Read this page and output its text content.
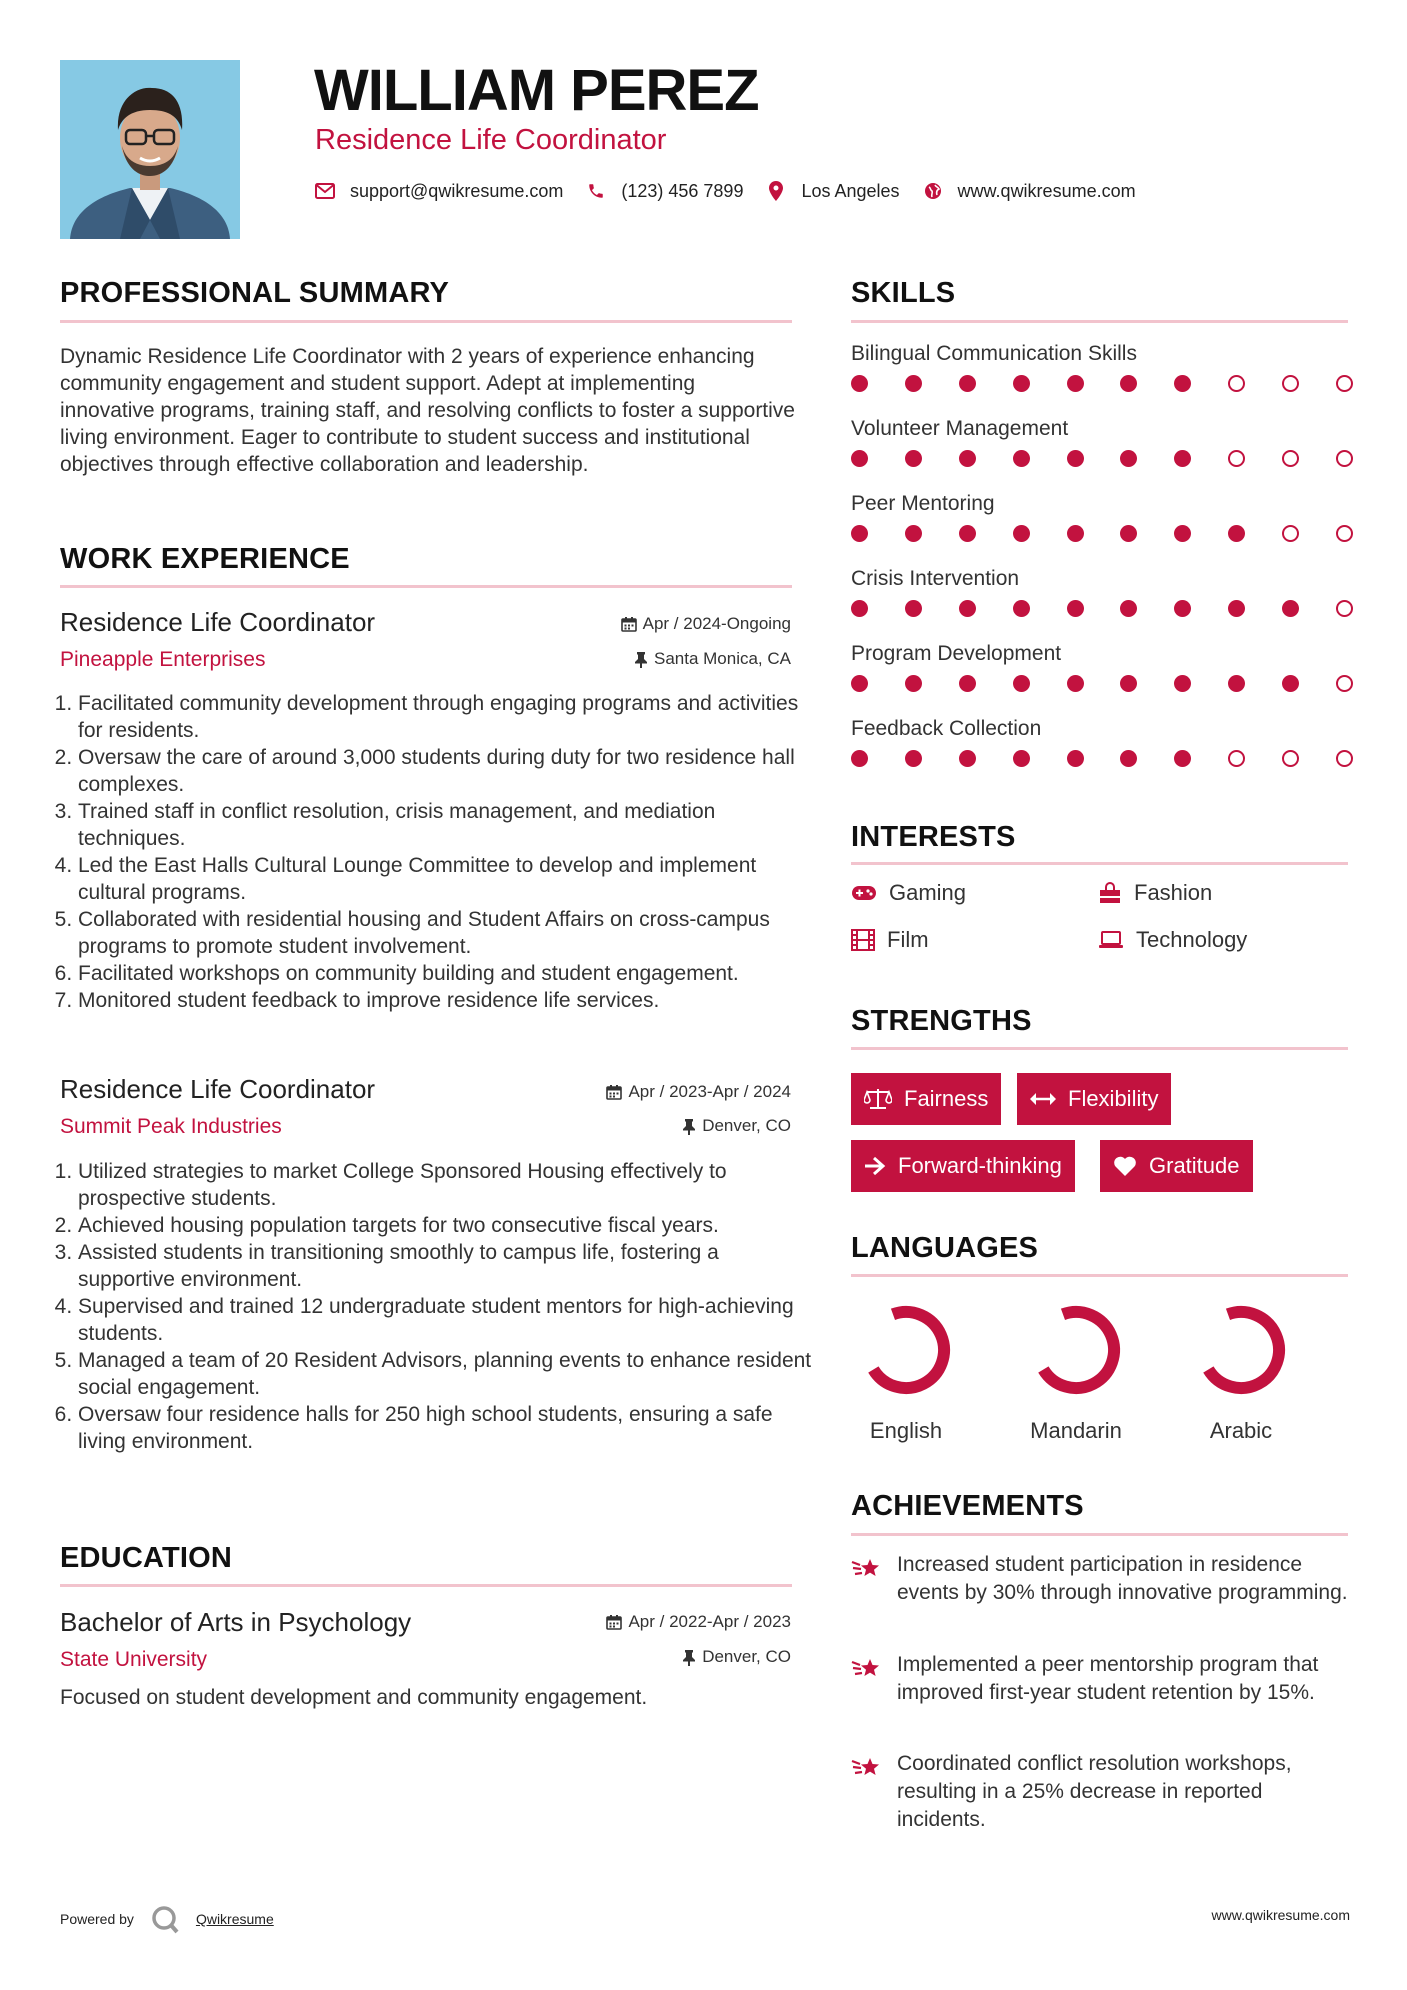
WILLIAM PEREZ
Residence Life Coordinator
support@qwikresume.com	(123) 456 7899	Los Angeles	www.qwikresume.com
PROFESSIONAL SUMMARY
Dynamic Residence Life Coordinator with 2 years of experience enhancing community engagement and student support. Adept at implementing innovative programs, training staff, and resolving conflicts to foster a supportive living environment. Eager to contribute to student success and institutional objectives through effective collaboration and leadership.
WORK EXPERIENCE
Residence Life Coordinator	Apr / 2024-Ongoing
Pineapple Enterprises	Santa Monica, CA
1. Facilitated community development through engaging programs and activities for residents.
2. Oversaw the care of around 3,000 students during duty for two residence hall complexes.
3. Trained staff in conflict resolution, crisis management, and mediation techniques.
4. Led the East Halls Cultural Lounge Committee to develop and implement cultural programs.
5. Collaborated with residential housing and Student Affairs on cross-campus programs to promote student involvement.
6. Facilitated workshops on community building and student engagement.
7. Monitored student feedback to improve residence life services.
Residence Life Coordinator	Apr / 2023-Apr / 2024
Summit Peak Industries	Denver, CO
1. Utilized strategies to market College Sponsored Housing effectively to prospective students.
2. Achieved housing population targets for two consecutive fiscal years.
3. Assisted students in transitioning smoothly to campus life, fostering a supportive environment.
4. Supervised and trained 12 undergraduate student mentors for high-achieving students.
5. Managed a team of 20 Resident Advisors, planning events to enhance resident social engagement.
6. Oversaw four residence halls for 250 high school students, ensuring a safe living environment.
EDUCATION
Bachelor of Arts in Psychology	Apr / 2022-Apr / 2023
State University	Denver, CO
Focused on student development and community engagement.
SKILLS
Bilingual Communication Skills
Volunteer Management
Peer Mentoring
Crisis Intervention
Program Development
Feedback Collection
INTERESTS
Gaming	Fashion
Film	Technology
STRENGTHS
Fairness	Flexibility
Forward-thinking	Gratitude
LANGUAGES
English	Mandarin	Arabic
ACHIEVEMENTS
Increased student participation in residence events by 30% through innovative programming.
Implemented a peer mentorship program that improved first-year student retention by 15%.
Coordinated conflict resolution workshops, resulting in a 25% decrease in reported incidents.
Powered by	Qwikresume	www.qwikresume.com
